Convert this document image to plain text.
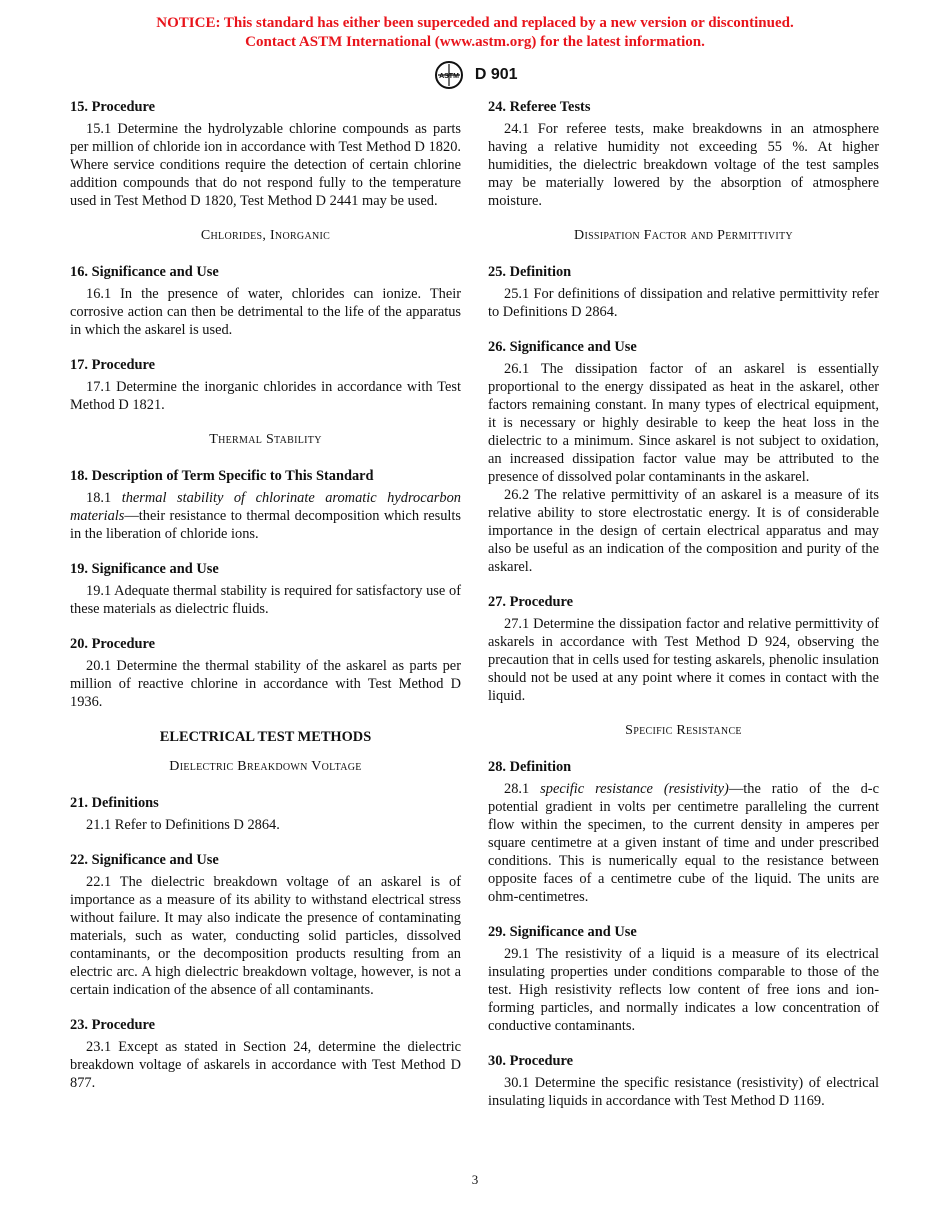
NOTICE: This standard has either been superceded and replaced by a new version or discontinued.
Contact ASTM International (www.astm.org) for the latest information.
ASTM D 901
15. Procedure

15.1 Determine the hydrolyzable chlorine compounds as parts per million of chloride ion in accordance with Test Method D 1820. Where service conditions require the detection of certain chlorine addition compounds that do not respond fully to the temperature used in Test Method D 1820, Test Method D 2441 may be used.

Chlorides, Inorganic
16. Significance and Use

16.1 In the presence of water, chlorides can ionize. Their corrosive action can then be detrimental to the life of the apparatus in which the askarel is used.

17. Procedure

17.1 Determine the inorganic chlorides in accordance with Test Method D 1821.

Thermal Stability
18. Description of Term Specific to This Standard

18.1 thermal stability of chlorinate aromatic hydrocarbon materials—their resistance to thermal decomposition which results in the liberation of chloride ions.

19. Significance and Use

19.1 Adequate thermal stability is required for satisfactory use of these materials as dielectric fluids.

20. Procedure

20.1 Determine the thermal stability of the askarel as parts per million of reactive chlorine in accordance with Test Method D 1936.

ELECTRICAL TEST METHODS
Dielectric Breakdown Voltage
21. Definitions

21.1 Refer to Definitions D 2864.

22. Significance and Use

22.1 The dielectric breakdown voltage of an askarel is of importance as a measure of its ability to withstand electrical stress without failure. It may also indicate the presence of contaminating materials, such as water, conducting solid particles, dissolved contaminants, or the decomposition products resulting from an electric arc. A high dielectric breakdown voltage, however, is not a certain indication of the absence of all contaminants.

23. Procedure

23.1 Except as stated in Section 24, determine the dielectric breakdown voltage of askarels in accordance with Test Method D 877.

24. Referee Tests

24.1 For referee tests, make breakdowns in an atmosphere having a relative humidity not exceeding 55 %. At higher humidities, the dielectric breakdown voltage of the test samples may be materially lowered by the absorption of atmosphere moisture.

Dissipation Factor and Permittivity
25. Definition

25.1 For definitions of dissipation and relative permittivity refer to Definitions D 2864.

26. Significance and Use

26.1 The dissipation factor of an askarel is essentially proportional to the energy dissipated as heat in the askarel, other factors remaining constant. In many types of electrical equipment, it is necessary or highly desirable to keep the heat loss in the dielectric to a minimum. Since askarel is not subject to oxidation, an increased dissipation factor value may be attributed to the presence of dissolved polar contaminants in the askarel.

26.2 The relative permittivity of an askarel is a measure of its relative ability to store electrostatic energy. It is of considerable importance in the design of certain electrical apparatus and may also be useful as an indication of the composition and purity of the askarel.

27. Procedure

27.1 Determine the dissipation factor and relative permittivity of askarels in accordance with Test Method D 924, observing the precaution that in cells used for testing askarels, phenolic insulation should not be used at any point where it comes in contact with the liquid.

Specific Resistance
28. Definition

28.1 specific resistance (resistivity)—the ratio of the d-c potential gradient in volts per centimetre paralleling the current flow within the specimen, to the current density in amperes per square centimetre at a given instant of time and under prescribed conditions. This is numerically equal to the resistance between opposite faces of a centimetre cube of the liquid. The units are ohm-centimetres.

29. Significance and Use

29.1 The resistivity of a liquid is a measure of its electrical insulating properties under conditions comparable to those of the test. High resistivity reflects low content of free ions and ion-forming particles, and normally indicates a low concentration of conductive contaminants.

30. Procedure

30.1 Determine the specific resistance (resistivity) of electrical insulating liquids in accordance with Test Method D 1169.

3
